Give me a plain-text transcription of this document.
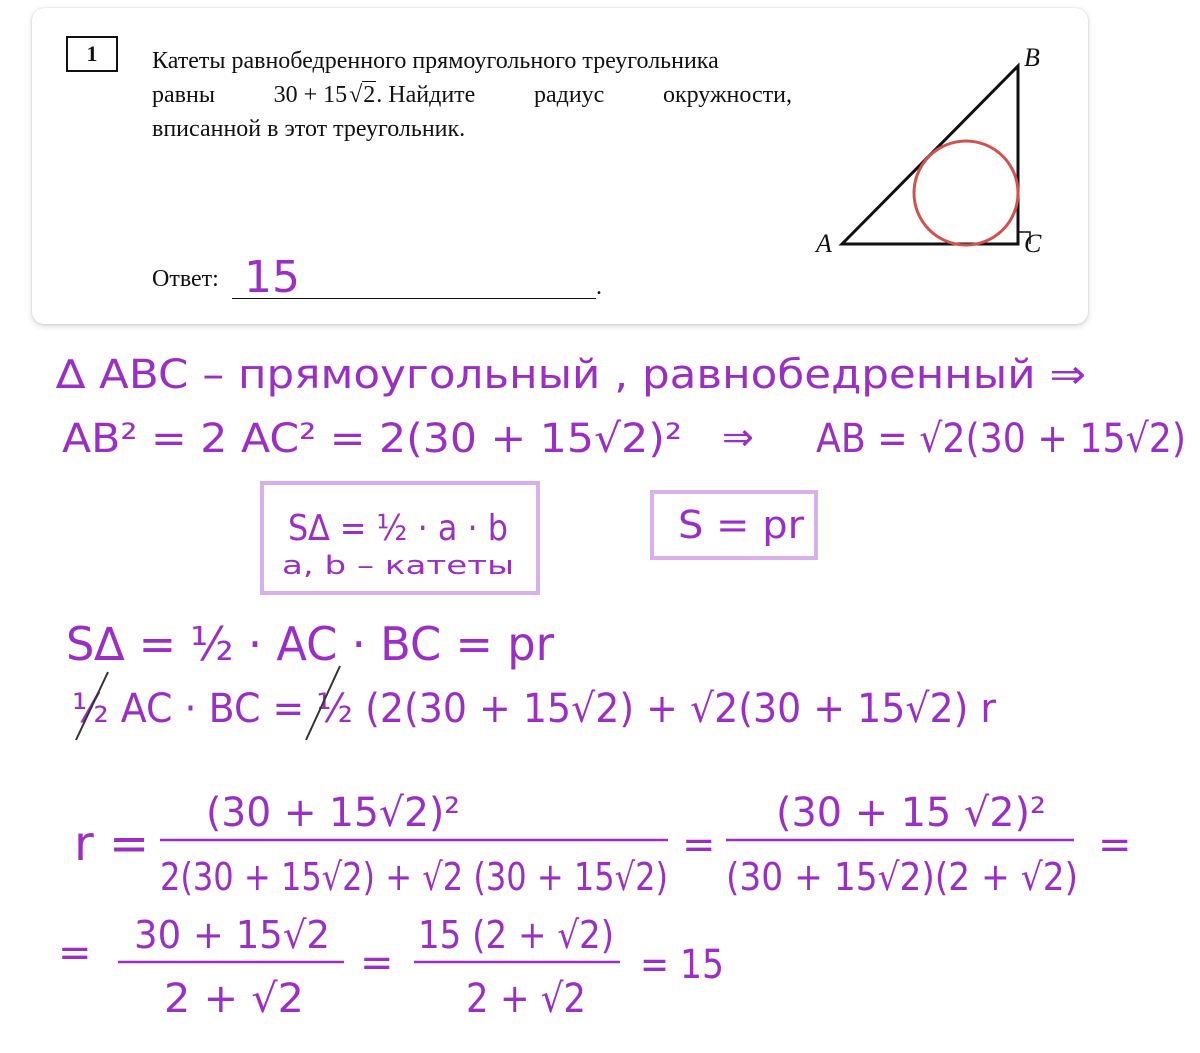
1	Катеты равнобедренного прямоугольного треугольника
равны 30 + 15√2. Найдите радиус окружности,
вписанной в этот треугольник.
Ответ:	.
A
B
C
15
∆ ABC – прямоугольный , равнобедренный ⇒
AB² = 2 AC² = 2(30 + 15√2)² ⇒ AB = √2(30 + 15√2)
S∆ = ½ · a · b
a, b – катеты
S = pr
S∆ = ½ · AC · BC = pr
½ AC · BC = ½ (2(30 + 15√2) + √2(30 + 15√2) r
r =
(30 + 15√2)²
2(30 + 15√2) + √2 (30 + 15√2)
=
(30 + 15 √2)²
(30 + 15√2)(2 + √2)
=
= 30 + 15√2
2 + √2
=
15 (2 + √2)
2 + √2
= 15
